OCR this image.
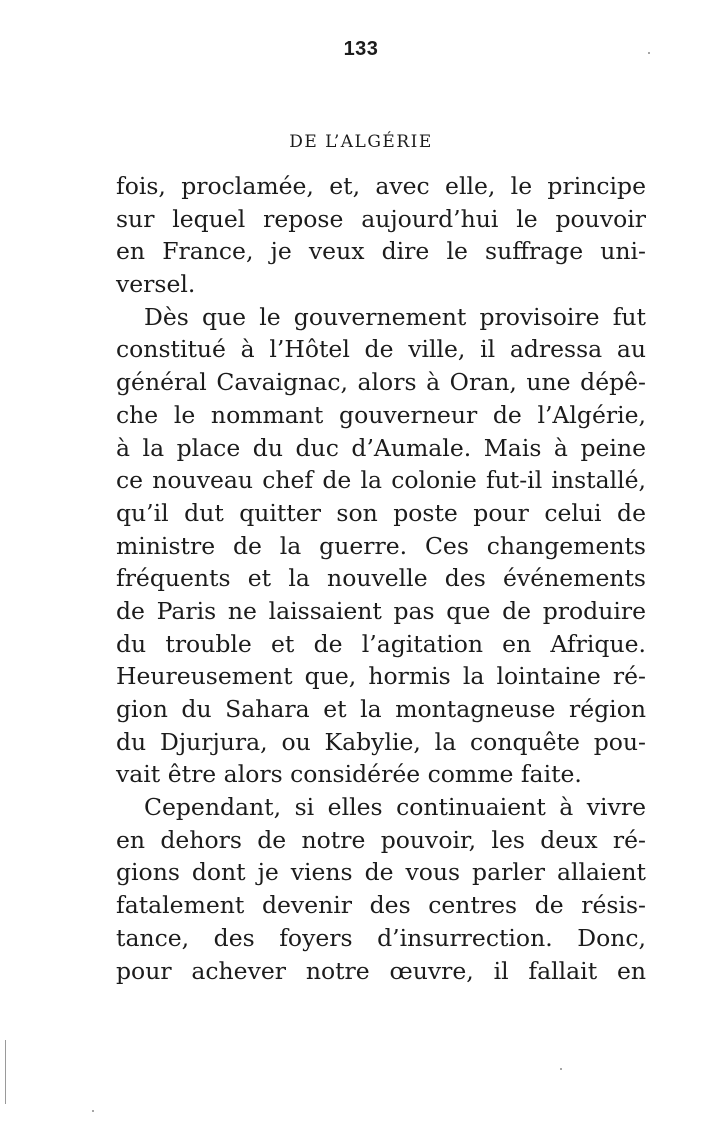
133
DE L’ALGÉRIE
fois, proclamée, et, avec elle, le principe
sur lequel repose aujourd’hui le pouvoir
en France, je veux dire le suffrage uni-
versel.
Dès que le gouvernement provisoire fut
constitué à l’Hôtel de ville, il adressa au
général Cavaignac, alors à Oran, une dépê-
che le nommant gouverneur de l’Algérie,
à la place du duc d’Aumale. Mais à peine
ce nouveau chef de la colonie fut-il installé,
qu’il dut quitter son poste pour celui de
ministre de la guerre. Ces changements
fréquents et la nouvelle des événements
de Paris ne laissaient pas que de produire
du trouble et de l’agitation en Afrique.
Heureusement que, hormis la lointaine ré-
gion du Sahara et la montagneuse région
du Djurjura, ou Kabylie, la conquête pou-
vait être alors considérée comme faite.
Cependant, si elles continuaient à vivre
en dehors de notre pouvoir, les deux ré-
gions dont je viens de vous parler allaient
fatalement devenir des centres de résis-
tance, des foyers d’insurrection. Donc,
pour achever notre œuvre, il fallait en
